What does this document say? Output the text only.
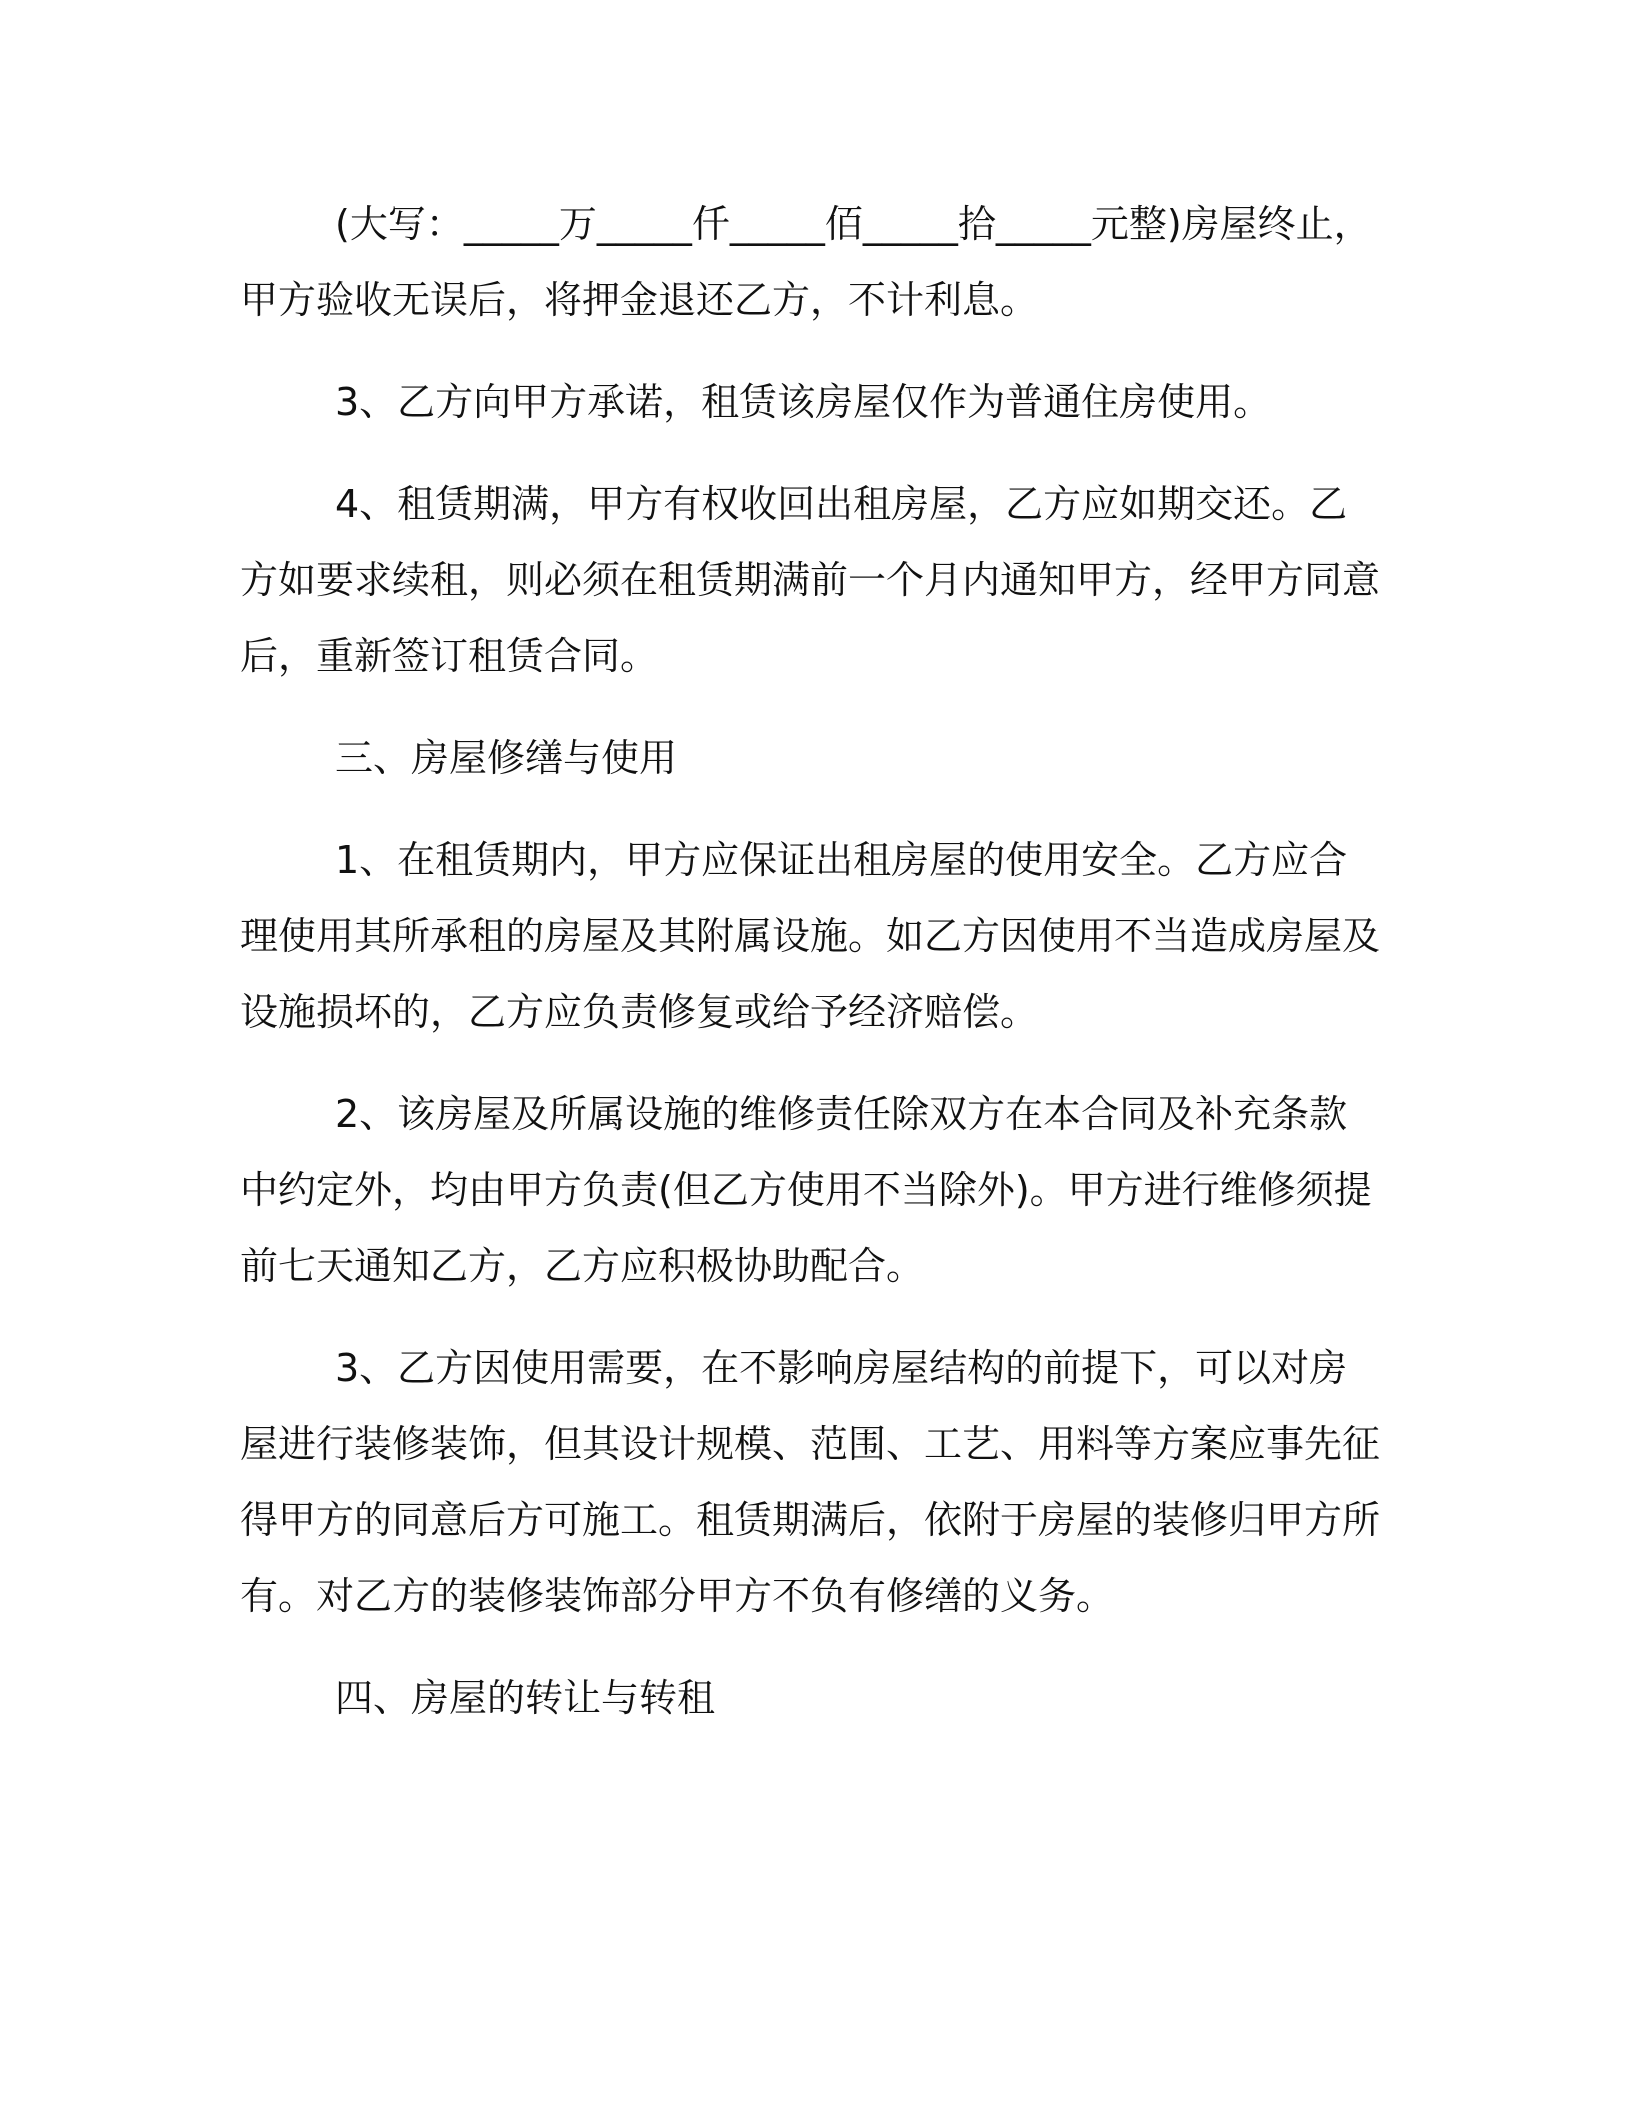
(大写：_____万_____仟_____佰_____拾_____元整)房屋终止，甲方验收无误后，将押金退还乙方，不计利息。

3、乙方向甲方承诺，租赁该房屋仅作为普通住房使用。

4、租赁期满，甲方有权收回出租房屋，乙方应如期交还。乙方如要求续租，则必须在租赁期满前一个月内通知甲方，经甲方同意后，重新签订租赁合同。

三、房屋修缮与使用

1、在租赁期内，甲方应保证出租房屋的使用安全。乙方应合理使用其所承租的房屋及其附属设施。如乙方因使用不当造成房屋及设施损坏的，乙方应负责修复或给予经济赔偿。

2、该房屋及所属设施的维修责任除双方在本合同及补充条款中约定外，均由甲方负责(但乙方使用不当除外)。甲方进行维修须提前七天通知乙方，乙方应积极协助配合。

3、乙方因使用需要，在不影响房屋结构的前提下，可以对房屋进行装修装饰，但其设计规模、范围、工艺、用料等方案应事先征得甲方的同意后方可施工。租赁期满后，依附于房屋的装修归甲方所有。对乙方的装修装饰部分甲方不负有修缮的义务。

四、房屋的转让与转租
